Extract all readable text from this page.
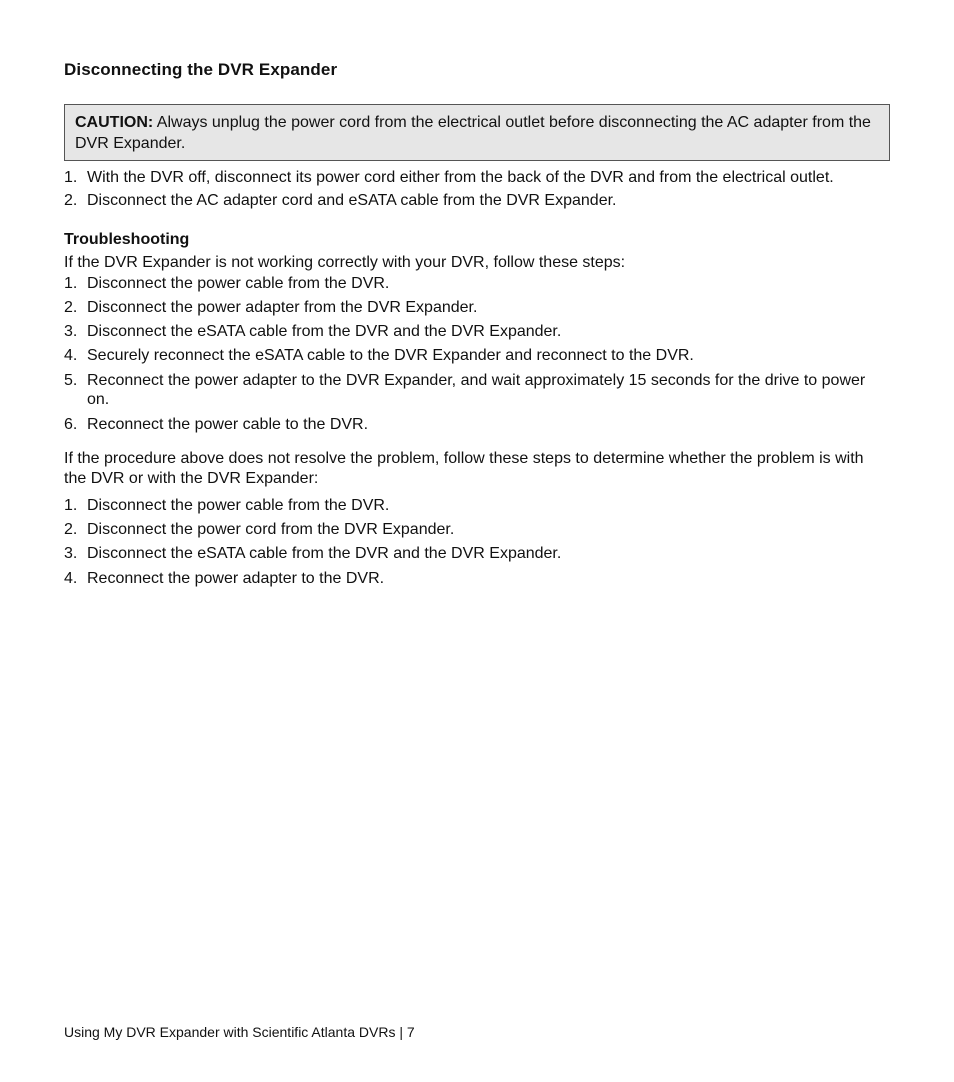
Disconnecting the DVR Expander
CAUTION: Always unplug the power cord from the electrical outlet before disconnecting the AC adapter from the DVR Expander.
1. With the DVR off, disconnect its power cord either from the back of the DVR and from the electrical outlet.
2. Disconnect the AC adapter cord and eSATA cable from the DVR Expander.
Troubleshooting

If the DVR Expander is not working correctly with your DVR, follow these steps:

1. Disconnect the power cable from the DVR.
2. Disconnect the power adapter from the DVR Expander.
3. Disconnect the eSATA cable from the DVR and the DVR Expander.
4. Securely reconnect the eSATA cable to the DVR Expander and reconnect to the DVR.
5. Reconnect the power adapter to the DVR Expander, and wait approximately 15 seconds for the drive to power on.
6. Reconnect the power cable to the DVR.

If the procedure above does not resolve the problem, follow these steps to determine whether the problem is with the DVR or with the DVR Expander:

1. Disconnect the power cable from the DVR.
2. Disconnect the power cord from the DVR Expander.
3. Disconnect the eSATA cable from the DVR and the DVR Expander.
4. Reconnect the power adapter to the DVR.

Using My DVR Expander with Scientific Atlanta DVRs | 7
